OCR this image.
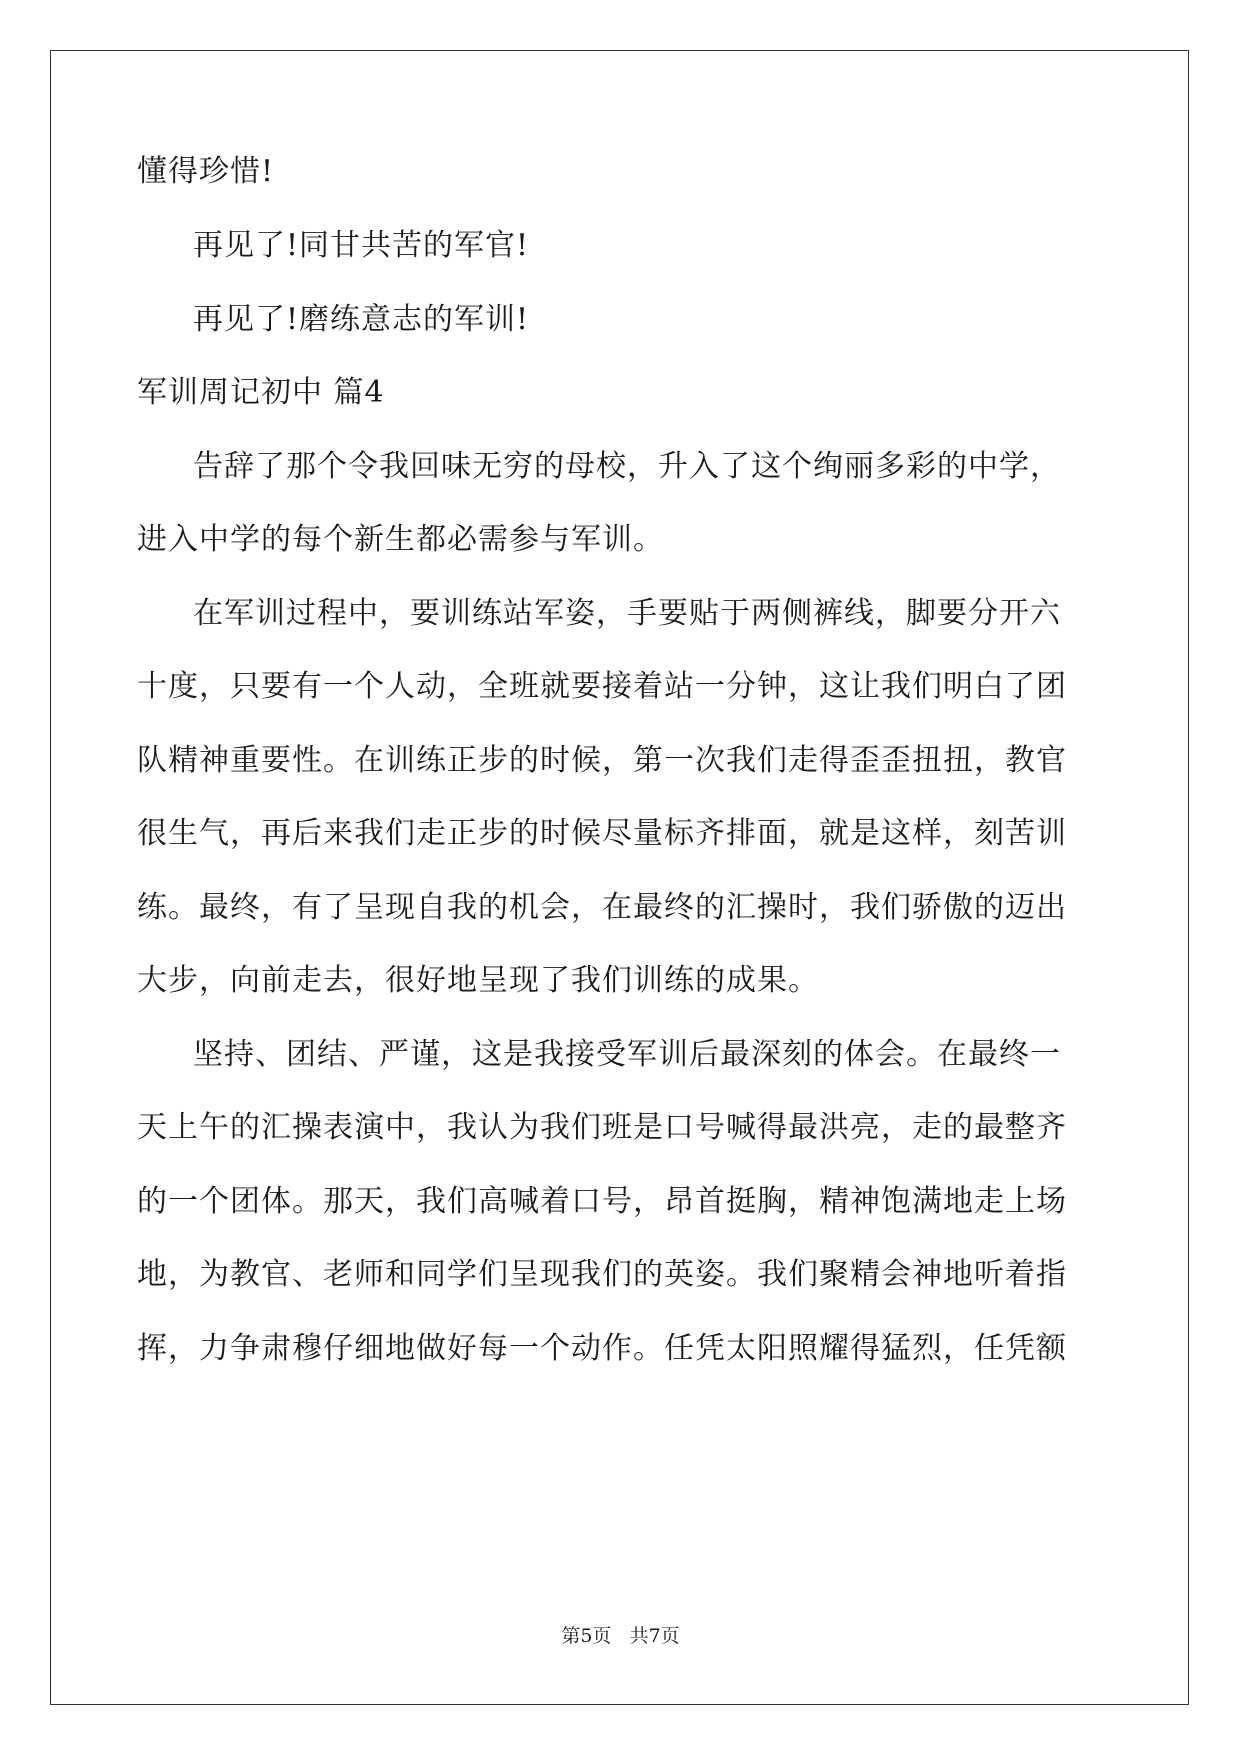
懂得珍惜!

再见了!同甘共苦的军官!

再见了!磨练意志的军训!

军训周记初中 篇4

告辞了那个令我回味无穷的母校，升入了这个绚丽多彩的中学，

进入中学的每个新生都必需参与军训。

在军训过程中，要训练站军姿，手要贴于两侧裤线，脚要分开六

十度，只要有一个人动，全班就要接着站一分钟，这让我们明白了团

队精神重要性。在训练正步的时候，第一次我们走得歪歪扭扭，教官

很生气，再后来我们走正步的时候尽量标齐排面，就是这样，刻苦训

练。最终，有了呈现自我的机会，在最终的汇操时，我们骄傲的迈出

大步，向前走去，很好地呈现了我们训练的成果。

坚持、团结、严谨，这是我接受军训后最深刻的体会。在最终一

天上午的汇操表演中，我认为我们班是口号喊得最洪亮，走的最整齐

的一个团体。那天，我们高喊着口号，昂首挺胸，精神饱满地走上场

地，为教官、老师和同学们呈现我们的英姿。我们聚精会神地听着指

挥，力争肃穆仔细地做好每一个动作。任凭太阳照耀得猛烈，任凭额

第5页 共7页
